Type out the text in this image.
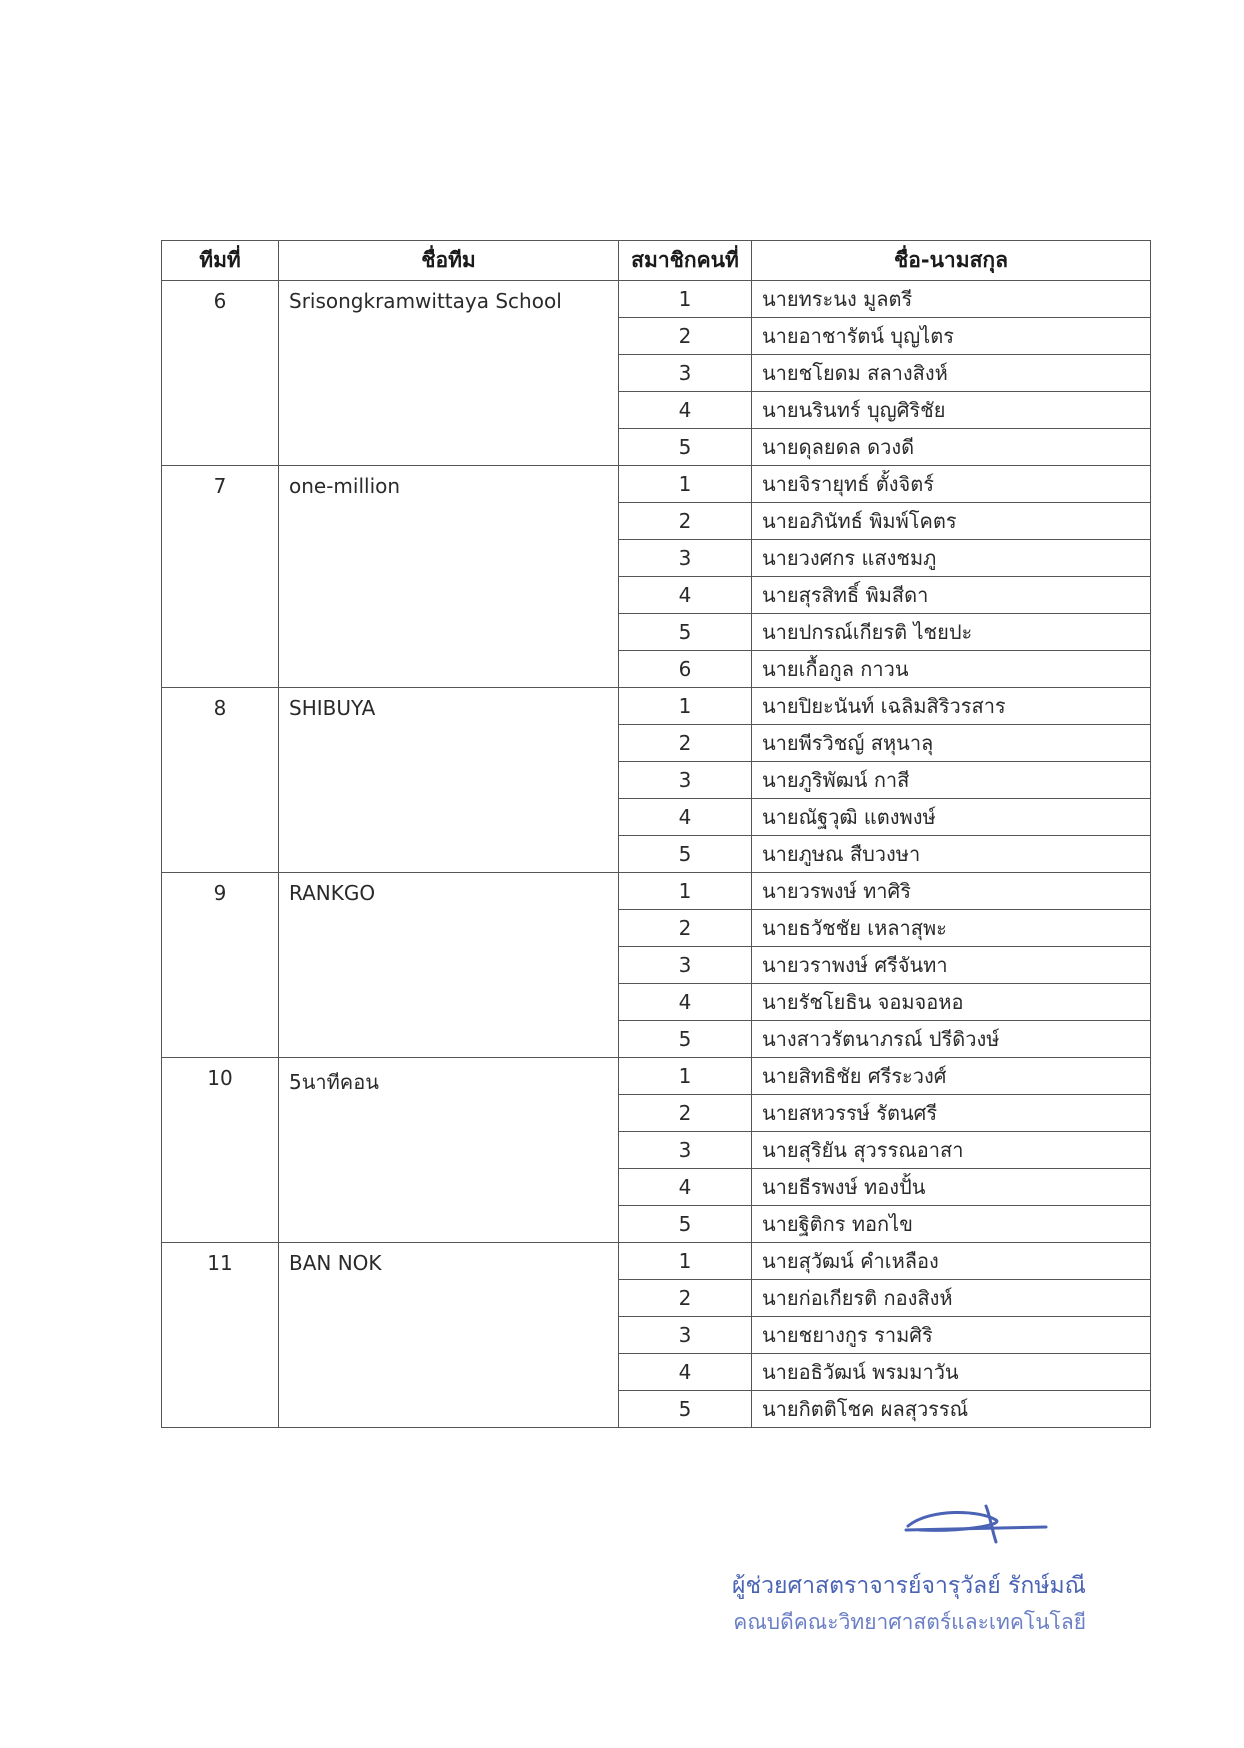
ทีมที่	ชื่อทีม	สมาชิกคนที่	ชื่อ-นามสกุล
6	Srisongkramwittaya School	1	นายทระนง มูลตรี
		2	นายอาชารัตน์ บุญไตร
		3	นายชโยดม สลางสิงห์
		4	นายนรินทร์ บุญศิริชัย
		5	นายดุลยดล ดวงดี
7	one-million	1	นายจิรายุทธ์ ตั้งจิตร์
		2	นายอภินัทธ์ พิมพ์โคตร
		3	นายวงศกร แสงชมภู
		4	นายสุรสิทธิ์ พิมสีดา
		5	นายปกรณ์เกียรติ ไชยปะ
		6	นายเกื้อกูล กาวน
8	SHIBUYA	1	นายปิยะนันท์ เฉลิมสิริวรสาร
		2	นายพีรวิชญ์ สหุนาลุ
		3	นายภูริพัฒน์ กาสี
		4	นายณัฐวุฒิ แตงพงษ์
		5	นายภูษณ สืบวงษา
9	RANKGO	1	นายวรพงษ์ ทาศิริ
		2	นายธวัชชัย เหลาสุพะ
		3	นายวราพงษ์ ศรีจันทา
		4	นายรัชโยธิน จอมจอหอ
		5	นางสาวรัตนาภรณ์ ปรีดิวงษ์
10	5นาทีคอน	1	นายสิทธิชัย ศรีระวงศ์
		2	นายสหวรรษ์ รัตนศรี
		3	นายสุริยัน สุวรรณอาสา
		4	นายธีรพงษ์ ทองปั้น
		5	นายฐิติกร ทอกไข
11	BAN NOK	1	นายสุวัฒน์ คำเหลือง
		2	นายก่อเกียรติ กองสิงห์
		3	นายชยางกูร รามศิริ
		4	นายอธิวัฒน์ พรมมาวัน
		5	นายกิตติโชค ผลสุวรรณ์
ผู้ช่วยศาสตราจารย์จารุวัลย์ รักษ์มณี
คณบดีคณะวิทยาศาสตร์และเทคโนโลยี
